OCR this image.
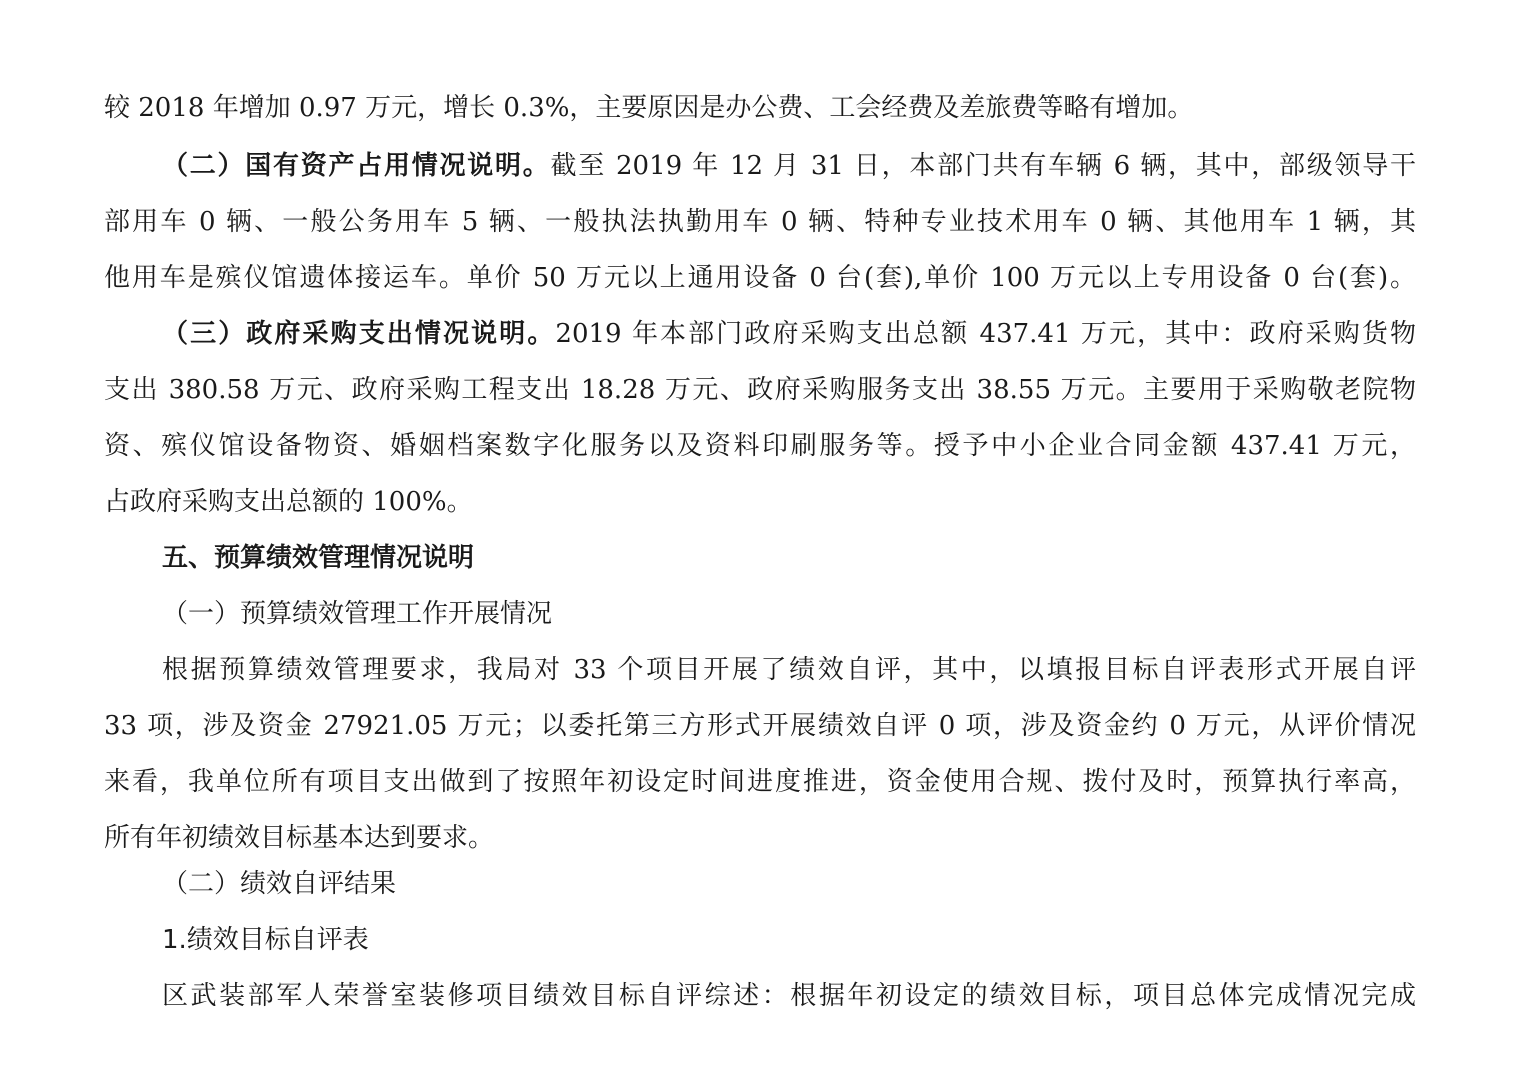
较 2018 年增加 0.97 万元，增长 0.3%，主要原因是办公费、工会经费及差旅费等略有增加。
（二）国有资产占用情况说明。截至 2019 年 12 月 31 日，本部门共有车辆 6 辆，其中，部级领导干
部用车 0 辆、一般公务用车 5 辆、一般执法执勤用车 0 辆、特种专业技术用车 0 辆、其他用车 1 辆，其
他用车是殡仪馆遗体接运车。单价 50 万元以上通用设备 0 台(套),单价 100 万元以上专用设备 0 台(套)。
（三）政府采购支出情况说明。2019 年本部门政府采购支出总额 437.41 万元，其中：政府采购货物
支出 380.58 万元、政府采购工程支出 18.28 万元、政府采购服务支出 38.55 万元。主要用于采购敬老院物
资、殡仪馆设备物资、婚姻档案数字化服务以及资料印刷服务等。授予中小企业合同金额 437.41 万元，
占政府采购支出总额的 100%。
五、预算绩效管理情况说明
（一）预算绩效管理工作开展情况
根据预算绩效管理要求，我局对 33 个项目开展了绩效自评，其中，以填报目标自评表形式开展自评
33 项，涉及资金 27921.05 万元；以委托第三方形式开展绩效自评 0 项，涉及资金约 0 万元，从评价情况
来看，我单位所有项目支出做到了按照年初设定时间进度推进，资金使用合规、拨付及时，预算执行率高，
所有年初绩效目标基本达到要求。
（二）绩效自评结果
1.绩效目标自评表
区武装部军人荣誉室装修项目绩效目标自评综述：根据年初设定的绩效目标，项目总体完成情况完成
